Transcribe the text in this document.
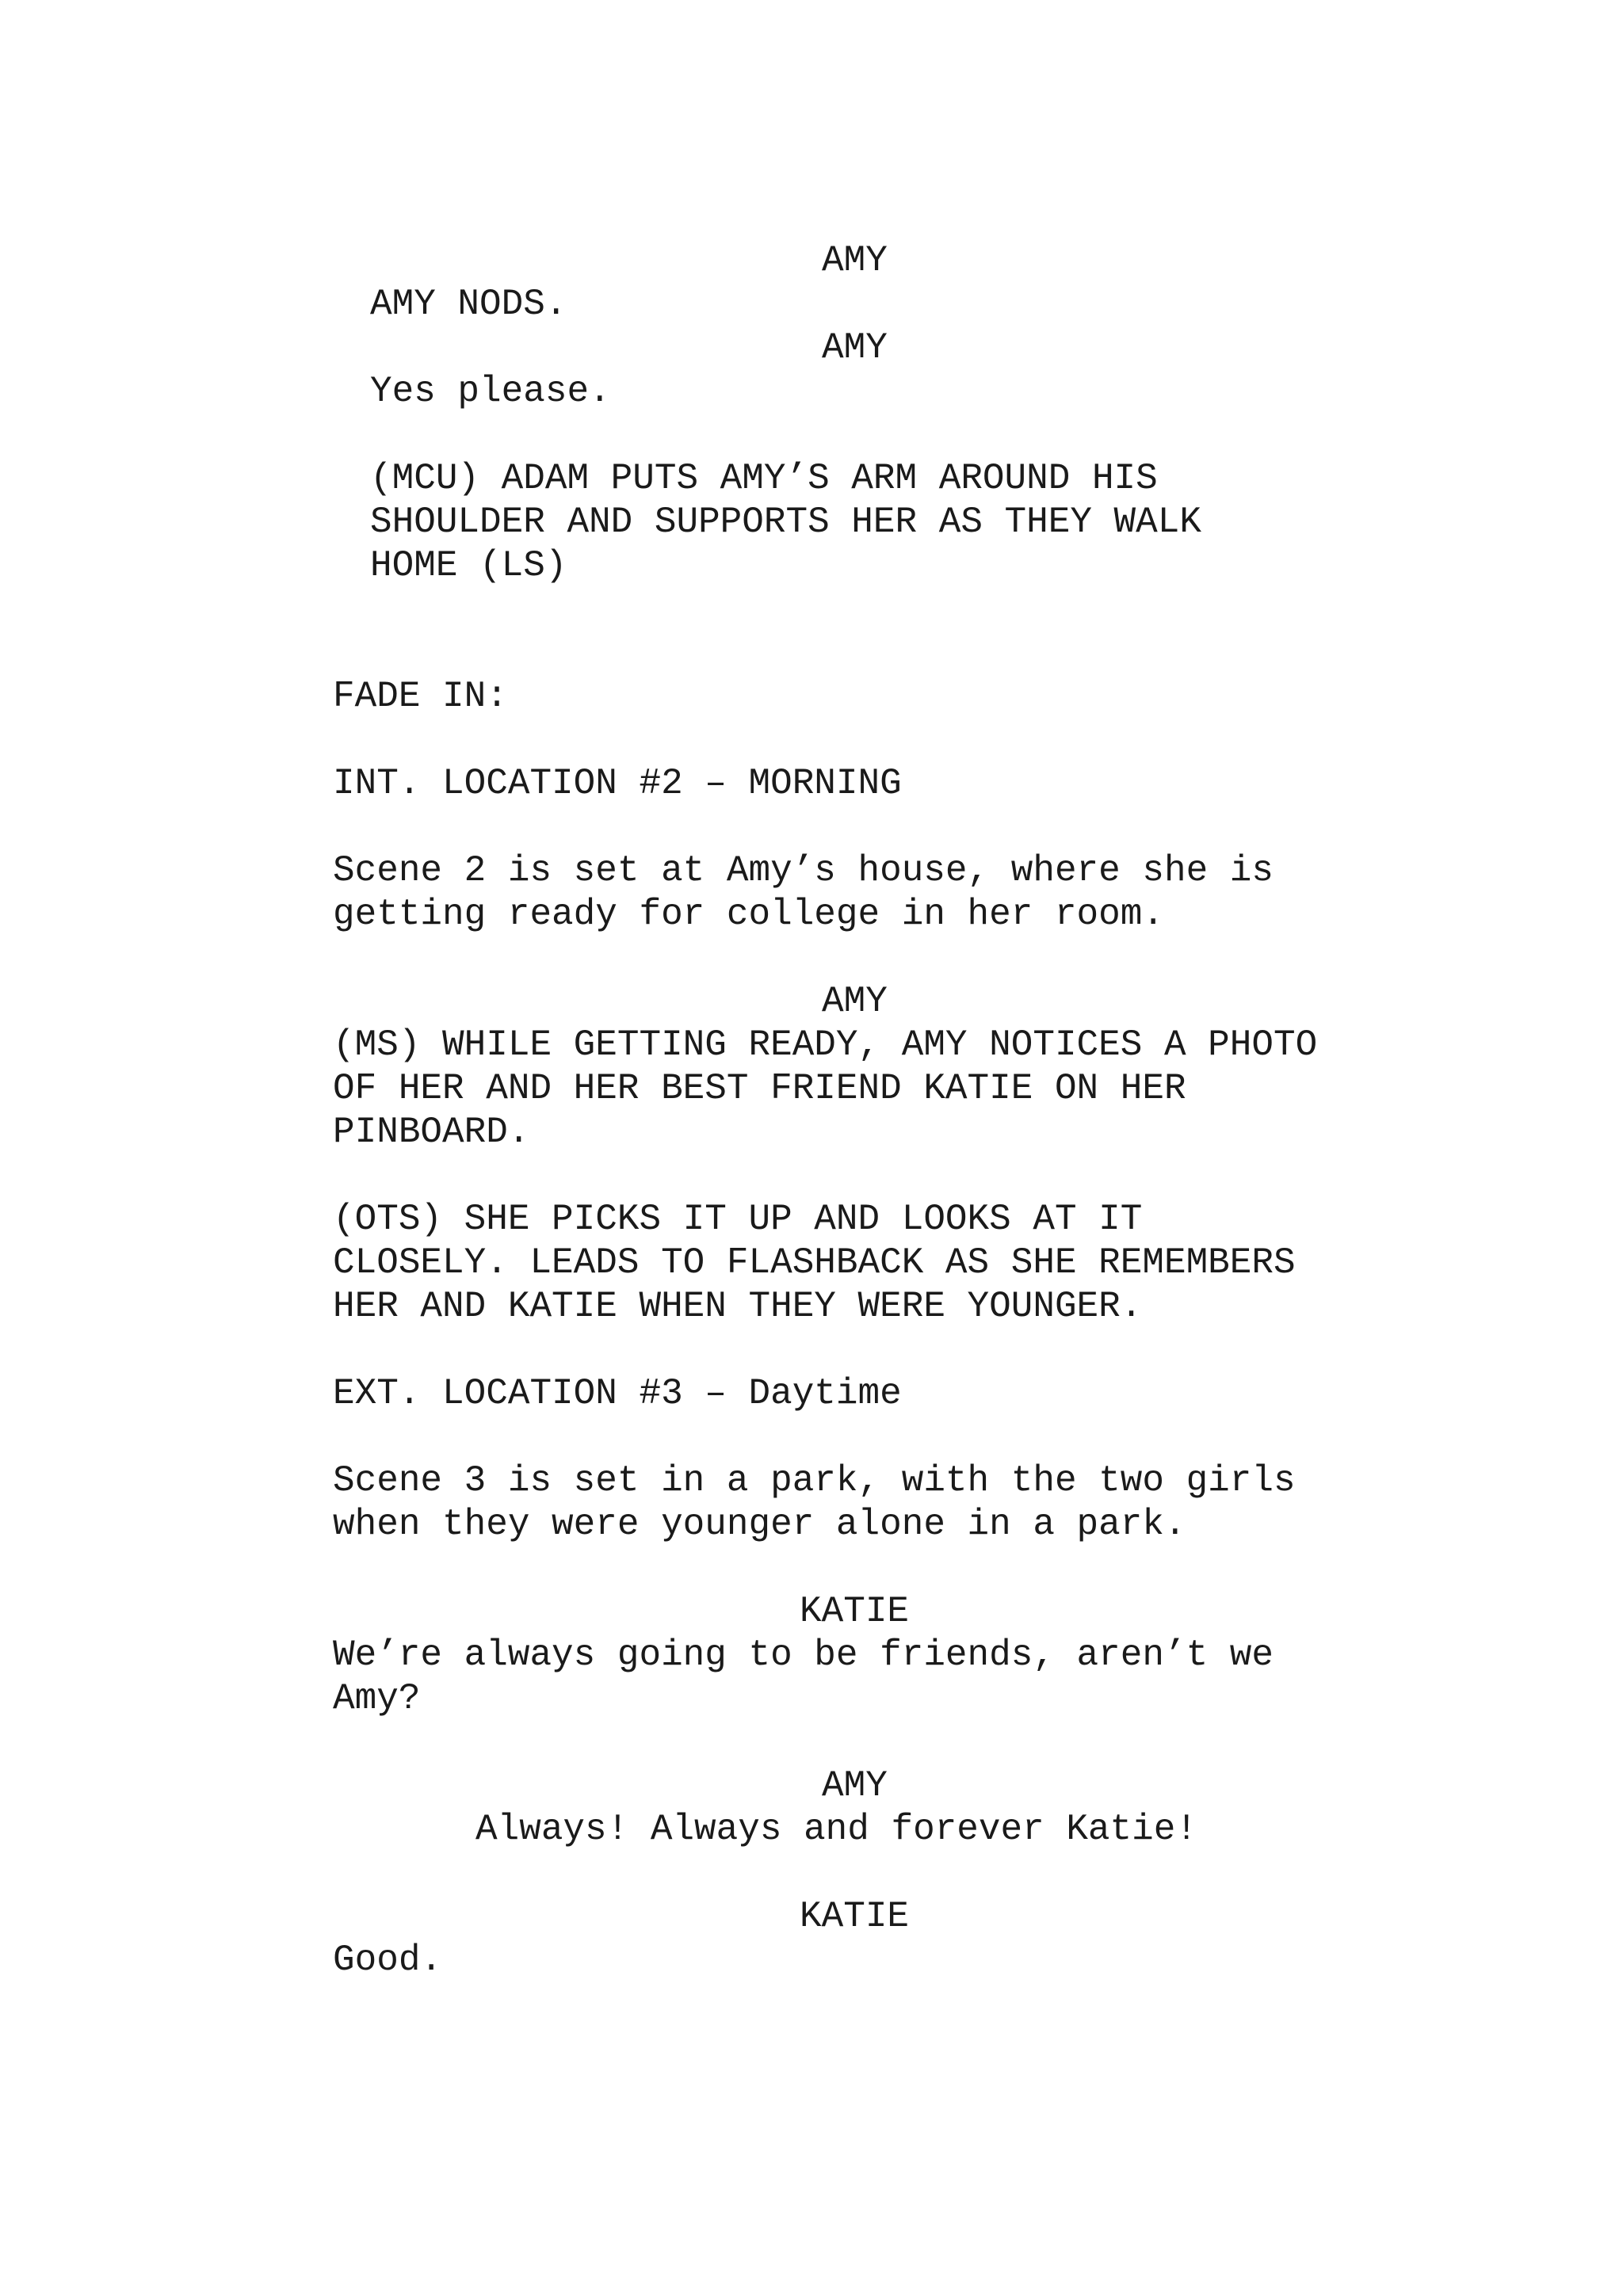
AMY

AMY NODS.

AMY

Yes please.

(MCU) ADAM PUTS AMY’S ARM AROUND HIS

SHOULDER AND SUPPORTS HER AS THEY WALK

HOME (LS)

FADE IN:

INT. LOCATION #2 – MORNING

Scene 2 is set at Amy’s house, where she is

getting ready for college in her room.

AMY

(MS) WHILE GETTING READY, AMY NOTICES A PHOTO

OF HER AND HER BEST FRIEND KATIE ON HER

PINBOARD.

(OTS) SHE PICKS IT UP AND LOOKS AT IT

CLOSELY. LEADS TO FLASHBACK AS SHE REMEMBERS

HER AND KATIE WHEN THEY WERE YOUNGER.

EXT. LOCATION #3 – Daytime

Scene 3 is set in a park, with the two girls

when they were younger alone in a park.

KATIE

We’re always going to be friends, aren’t we

Amy?

AMY

Always! Always and forever Katie!

KATIE

Good.
